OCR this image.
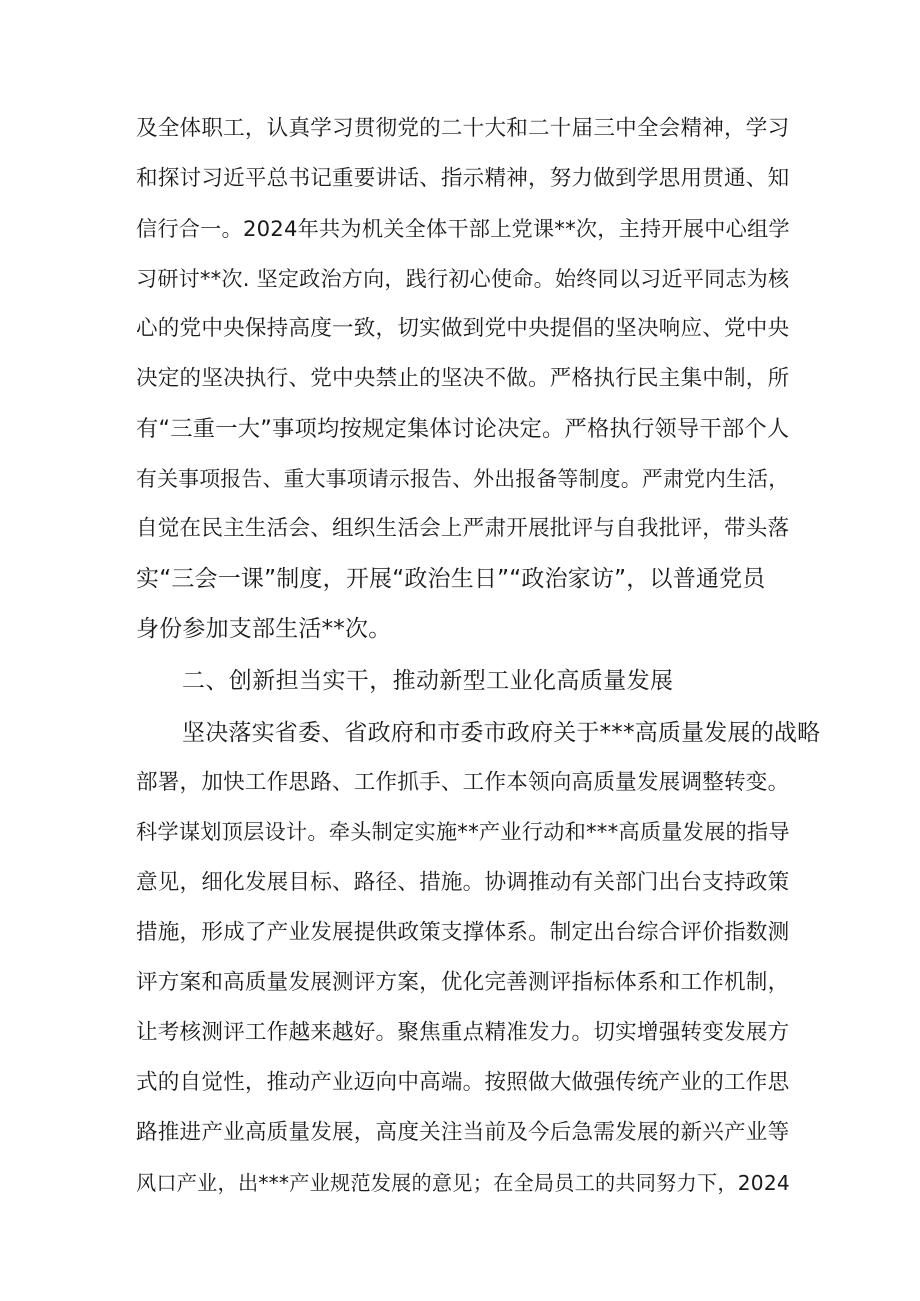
及全体职工，认真学习贯彻党的二十大和二十届三中全会精神，学习
和探讨习近平总书记重要讲话、指示精神，努力做到学思用贯通、知
信行合一。2024年共为机关全体干部上党课**次，主持开展中心组学
习研讨**次. 坚定政治方向，践行初心使命。始终同以习近平同志为核
心的党中央保持高度一致，切实做到党中央提倡的坚决响应、党中央
决定的坚决执行、党中央禁止的坚决不做。严格执行民主集中制，所
有“三重一大”事项均按规定集体讨论决定。严格执行领导干部个人
有关事项报告、重大事项请示报告、外出报备等制度。严肃党内生活，
自觉在民主生活会、组织生活会上严肃开展批评与自我批评，带头落
实“三会一课”制度，开展“政治生日”“政治家访”，以普通党员
身份参加支部生活**次。
二、创新担当实干，推动新型工业化高质量发展
坚决落实省委、省政府和市委市政府关于***高质量发展的战略
部署，加快工作思路、工作抓手、工作本领向高质量发展调整转变。
科学谋划顶层设计。牵头制定实施**产业行动和***高质量发展的指导
意见，细化发展目标、路径、措施。协调推动有关部门出台支持政策
措施，形成了产业发展提供政策支撑体系。制定出台综合评价指数测
评方案和高质量发展测评方案，优化完善测评指标体系和工作机制，
让考核测评工作越来越好。聚焦重点精准发力。切实增强转变发展方
式的自觉性，推动产业迈向中高端。按照做大做强传统产业的工作思
路推进产业高质量发展，高度关注当前及今后急需发展的新兴产业等
风口产业，出***产业规范发展的意见；在全局员工的共同努力下，2024
